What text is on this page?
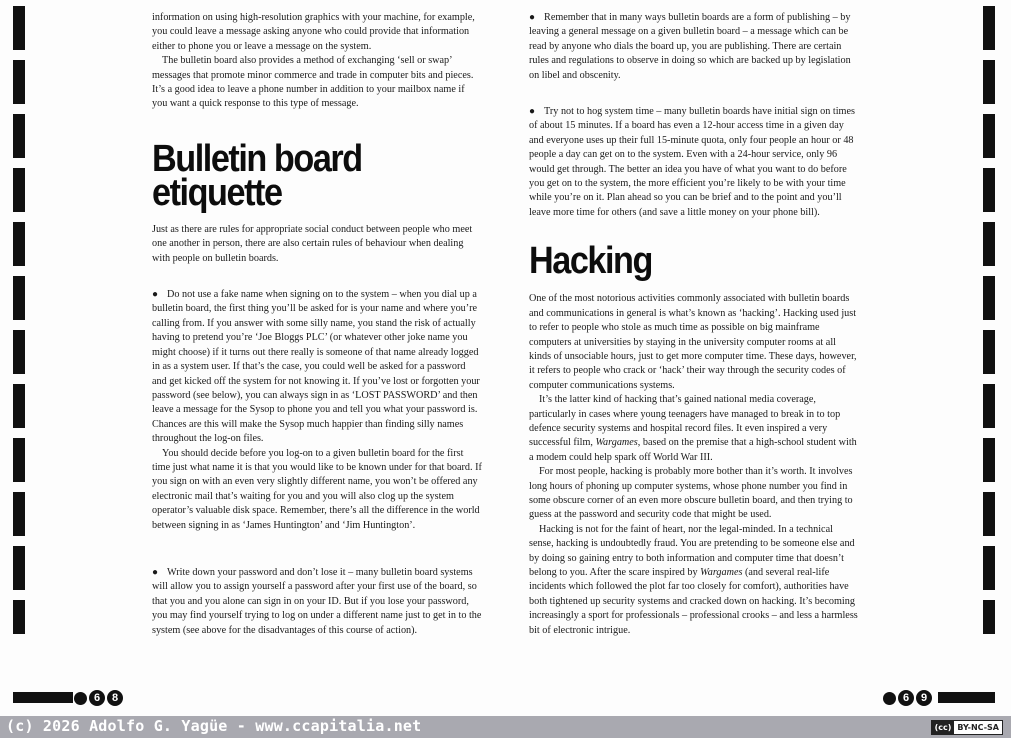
information on using high-resolution graphics with your machine, for example, you could leave a message asking anyone who could provide that information either to phone you or leave a message on the system.

The bulletin board also provides a method of exchanging ‘sell or swap’ messages that promote minor commerce and trade in computer bits and pieces. It’s a good idea to leave a phone number in addition to your mailbox name if you want a quick response to this type of message.

Bulletin board
etiquette

Just as there are rules for appropriate social conduct between people who meet one another in person, there are also certain rules of behaviour when dealing with people on bulletin boards.

● Do not use a fake name when signing on to the system – when you dial up a bulletin board, the first thing you’ll be asked for is your name and where you’re calling from. If you answer with some silly name, you stand the risk of actually having to pretend you’re ‘Joe Bloggs PLC’ (or whatever other joke name you might choose) if it turns out there really is someone of that name already logged in as a system user. If that’s the case, you could well be asked for a password and get kicked off the system for not knowing it. If you’ve lost or forgotten your password (see below), you can always sign in as ‘LOST PASSWORD’ and then leave a message for the Sysop to phone you and tell you what your password is. Chances are this will make the Sysop much happier than finding silly names throughout the log-on files.

You should decide before you log-on to a given bulletin board for the first time just what name it is that you would like to be known under for that board. If you sign on with an even very slightly different name, you won’t be offered any electronic mail that’s waiting for you and you will also clog up the system operator’s valuable disk space. Remember, there’s all the difference in the world between signing in as ‘James Huntington’ and ‘Jim Huntington’.

● Write down your password and don’t lose it – many bulletin board systems will allow you to assign yourself a password after your first use of the board, so that you and you alone can sign in on your ID. But if you lose your password, you may find yourself trying to log on under a different name just to get in to the system (see above for the disadvantages of this course of action).

6	8

● Remember that in many ways bulletin boards are a form of publishing – by leaving a general message on a given bulletin board – a message which can be read by anyone who dials the board up, you are publishing. There are certain rules and regulations to observe in doing so which are backed up by legislation on libel and obscenity.

● Try not to hog system time – many bulletin boards have initial sign on times of about 15 minutes. If a board has even a 12-hour access time in a given day and everyone uses up their full 15-minute quota, only four people an hour or 48 people a day can get on to the system. Even with a 24-hour service, only 96 would get through. The better an idea you have of what you want to do before you get on to the system, the more efficient you’re likely to be with your time while you’re on it. Plan ahead so you can be brief and to the point and you’ll leave more time for others (and save a little money on your phone bill).

Hacking

One of the most notorious activities commonly associated with bulletin boards and communications in general is what’s known as ‘hacking’. Hacking used just to refer to people who stole as much time as possible on big mainframe computers at universities by staying in the university computer rooms at all kinds of unsociable hours, just to get more computer time. These days, however, it refers to people who crack or ‘hack’ their way through the security codes of computer communications systems.

It’s the latter kind of hacking that’s gained national media coverage, particularly in cases where young teenagers have managed to break in to top defence security systems and hospital record files. It even inspired a very successful film, Wargames, based on the premise that a high-school student with a modem could help spark off World War III.

For most people, hacking is probably more bother than it’s worth. It involves long hours of phoning up computer systems, whose phone number you find in some obscure corner of an even more obscure bulletin board, and then trying to guess at the password and security code that might be used.

Hacking is not for the faint of heart, nor the legal-minded. In a technical sense, hacking is undoubtedly fraud. You are pretending to be someone else and by doing so gaining entry to both information and computer time that doesn’t belong to you. After the scare inspired by Wargames (and several real-life incidents which followed the plot far too closely for comfort), authorities have both tightened up security systems and cracked down on hacking. It’s becoming increasingly a sport for professionals – professional crooks – and less a harmless bit of electronic intrigue.

6	9
(c) 2026 Adolfo G. Yagüe - www.ccapitalia.net	(cc) BY-NC-SA
